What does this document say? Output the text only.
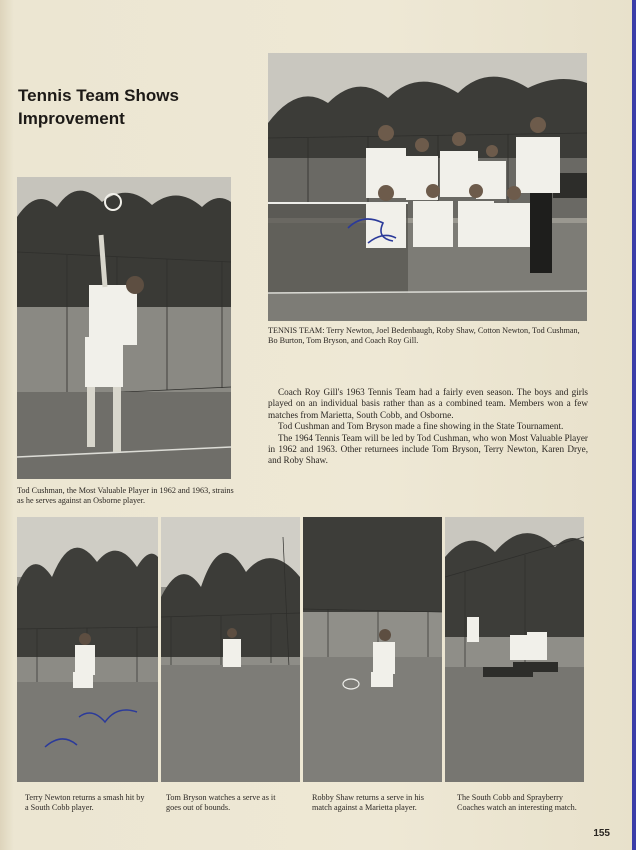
Tennis Team Shows
Improvement
TENNIS TEAM: Terry Newton, Joel Bedenbaugh, Roby Shaw, Cotton Newton, Tod Cushman, Bo Burton, Tom Bryson, and Coach Roy Gill.
Tod Cushman, the Most Valuable Player in 1962 and 1963, strains as he serves against an Osborne player.

Coach Roy Gill's 1963 Tennis Team had a fairly even season. The boys and girls played on an individual basis rather than as a combined team. Members won a few matches from Marietta, South Cobb, and Osborne.

Tod Cushman and Tom Bryson made a fine showing in the State Tournament.

The 1964 Tennis Team will be led by Tod Cushman, who won Most Valuable Player in 1962 and 1963. Other returnees include Tom Bryson, Terry Newton, Karen Drye, and Roby Shaw.

Terry Newton returns a smash hit by a South Cobb player.
Tom Bryson watches a serve as it goes out of bounds.
Robby Shaw returns a serve in his match against a Marietta player.
The South Cobb and Sprayberry Coaches watch an interesting match.
155
